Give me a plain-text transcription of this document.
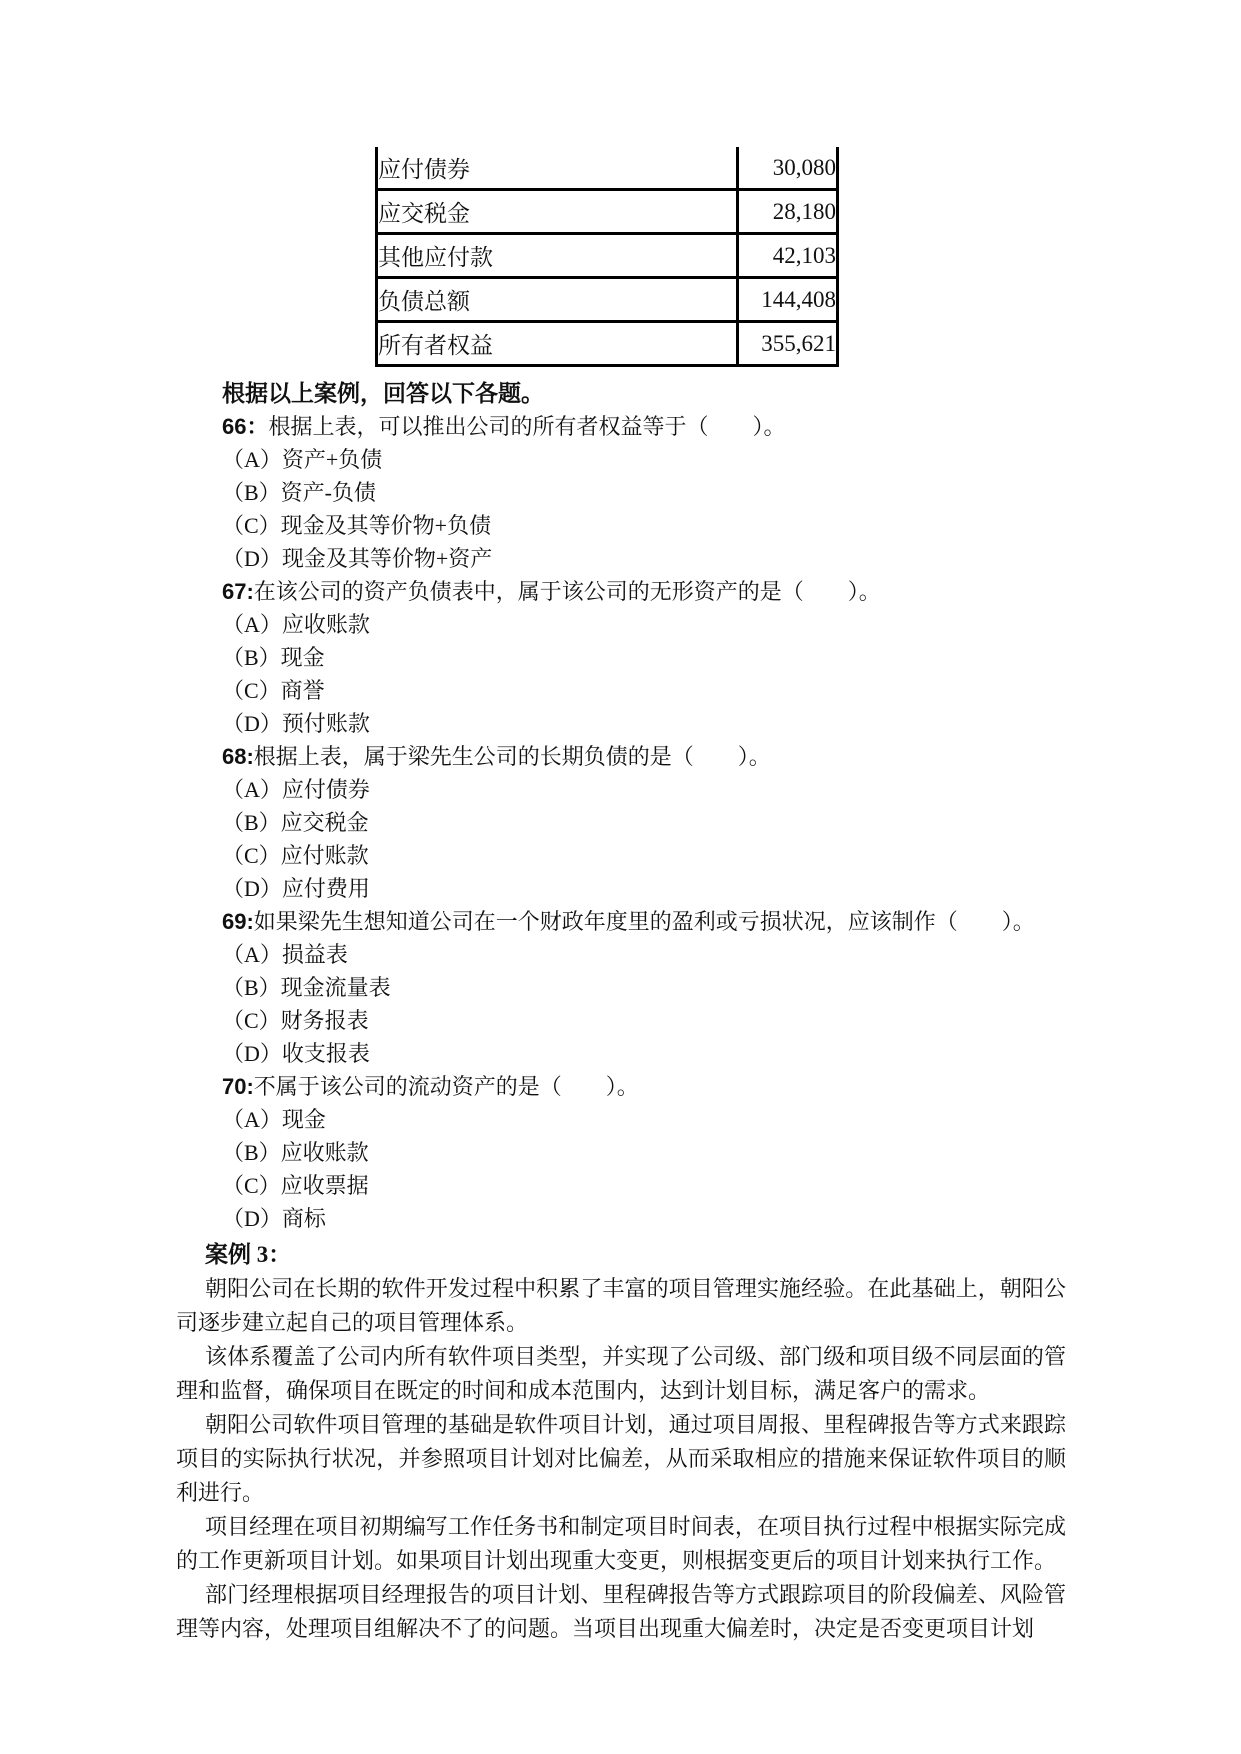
应付债券	30,080
应交税金	28,180
其他应付款	42,103
负债总额	144,408
所有者权益	355,621
根据以上案例，回答以下各题。
66：根据上表，可以推出公司的所有者权益等于（　　）。
（A）资产+负债
（B）资产-负债
（C）现金及其等价物+负债
（D）现金及其等价物+资产
67:在该公司的资产负债表中，属于该公司的无形资产的是（　　）。
（A）应收账款
（B）现金
（C）商誉
（D）预付账款
68:根据上表，属于梁先生公司的长期负债的是（　　）。
（A）应付债券
（B）应交税金
（C）应付账款
（D）应付费用
69:如果梁先生想知道公司在一个财政年度里的盈利或亏损状况，应该制作（　　）。
（A）损益表
（B）现金流量表
（C）财务报表
（D）收支报表
70:不属于该公司的流动资产的是（　　）。
（A）现金
（B）应收账款
（C）应收票据
（D）商标
案例 3：
朝阳公司在长期的软件开发过程中积累了丰富的项目管理实施经验。在此基础上，朝阳公司逐步建立起自己的项目管理体系。
该体系覆盖了公司内所有软件项目类型，并实现了公司级、部门级和项目级不同层面的管理和监督，确保项目在既定的时间和成本范围内，达到计划目标，满足客户的需求。
朝阳公司软件项目管理的基础是软件项目计划，通过项目周报、里程碑报告等方式来跟踪项目的实际执行状况，并参照项目计划对比偏差，从而采取相应的措施来保证软件项目的顺利进行。
项目经理在项目初期编写工作任务书和制定项目时间表，在项目执行过程中根据实际完成的工作更新项目计划。如果项目计划出现重大变更，则根据变更后的项目计划来执行工作。
部门经理根据项目经理报告的项目计划、里程碑报告等方式跟踪项目的阶段偏差、风险管理等内容，处理项目组解决不了的问题。当项目出现重大偏差时，决定是否变更项目计划
